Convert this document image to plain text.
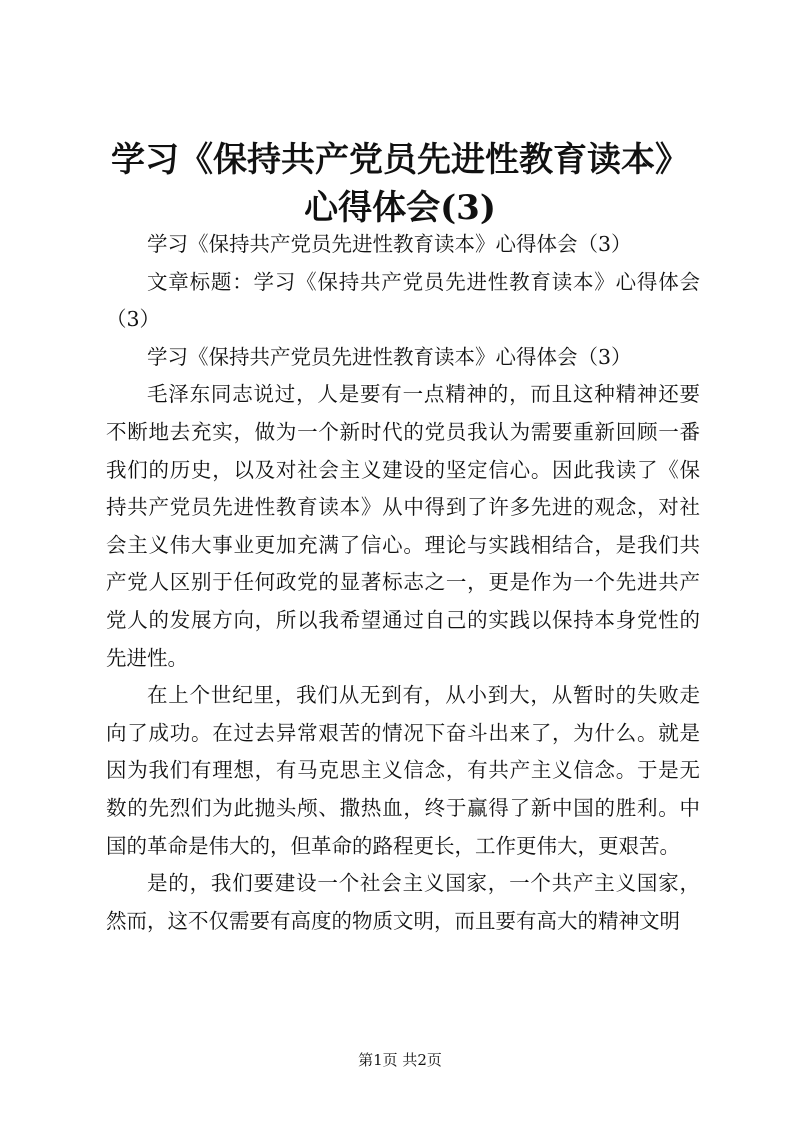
学习《保持共产党员先进性教育读本》心得体会(3)

学习《保持共产党员先进性教育读本》心得体会（3）

文章标题：学习《保持共产党员先进性教育读本》心得体会（3）

学习《保持共产党员先进性教育读本》心得体会（3）

毛泽东同志说过，人是要有一点精神的，而且这种精神还要不断地去充实，做为一个新时代的党员我认为需要重新回顾一番我们的历史，以及对社会主义建设的坚定信心。因此我读了《保持共产党员先进性教育读本》从中得到了许多先进的观念，对社会主义伟大事业更加充满了信心。理论与实践相结合，是我们共产党人区别于任何政党的显著标志之一，更是作为一个先进共产党人的发展方向，所以我希望通过自己的实践以保持本身党性的先进性。

在上个世纪里，我们从无到有，从小到大，从暂时的失败走向了成功。在过去异常艰苦的情况下奋斗出来了，为什么。就是因为我们有理想，有马克思主义信念，有共产主义信念。于是无数的先烈们为此抛头颅、撒热血，终于赢得了新中国的胜利。中国的革命是伟大的，但革命的路程更长，工作更伟大，更艰苦。

是的，我们要建设一个社会主义国家，一个共产主义国家，然而，这不仅需要有高度的物质文明，而且要有高大的精神文明

第1页 共2页
